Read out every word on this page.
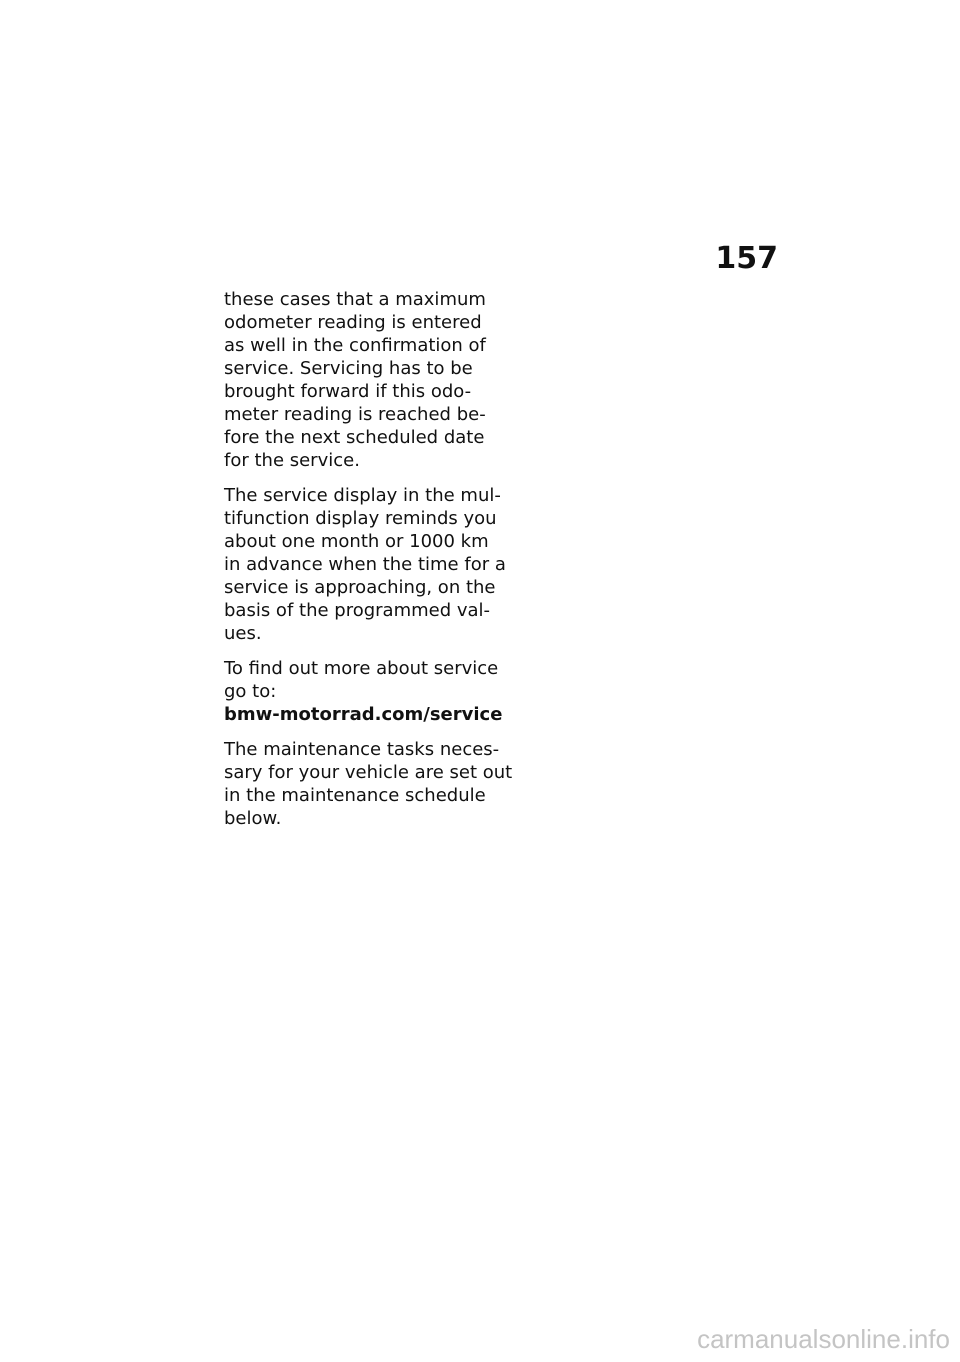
157

these cases that a maximum
odometer reading is entered
as well in the confirmation of
service. Servicing has to be
brought forward if this odo-
meter reading is reached be-
fore the next scheduled date
for the service.

The service display in the mul-
tifunction display reminds you
about one month or 1000 km
in advance when the time for a
service is approaching, on the
basis of the programmed val-
ues.

To find out more about service
go to:
bmw-motorrad.com/service

The maintenance tasks neces-
sary for your vehicle are set out
in the maintenance schedule
below.

carmanualsonline.info
